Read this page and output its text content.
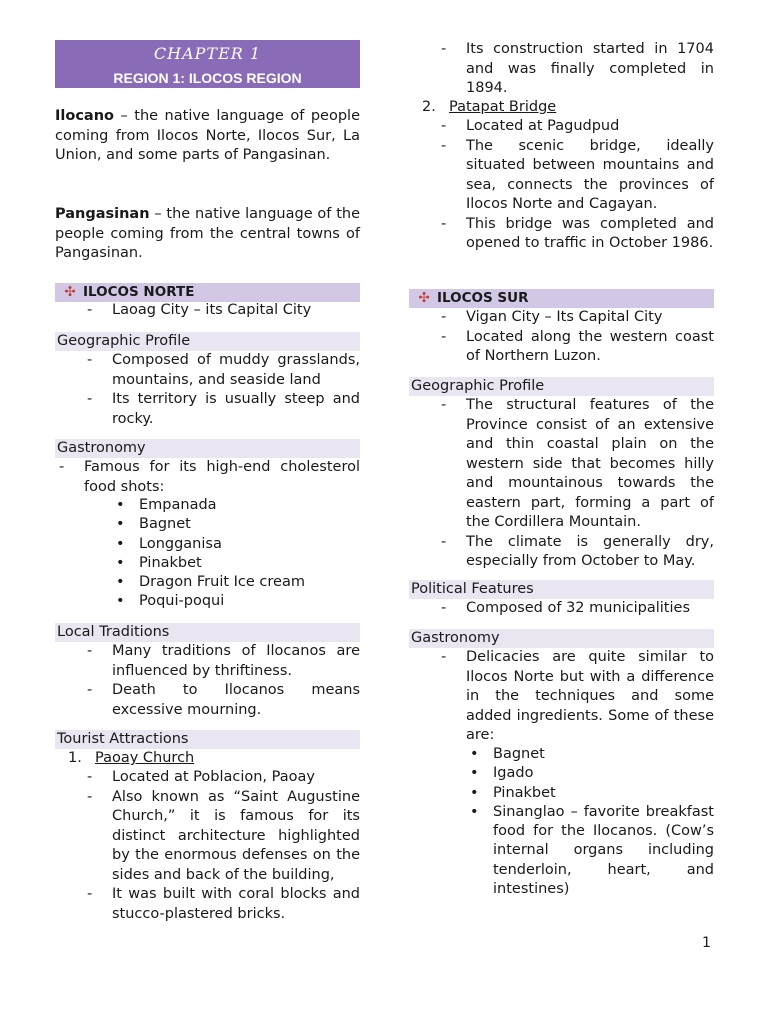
CHAPTER 1
REGION 1: ILOCOS REGION

Ilocano – the native language of people coming from Ilocos Norte, Ilocos Sur, La Union, and some parts of Pangasinan.

Pangasinan – the native language of the people coming from the central towns of Pangasinan.

✣ ILOCOS NORTE
- Laoag City – its Capital City
Geographic Profile
- Composed of muddy grasslands, mountains, and seaside land
- Its territory is usually steep and rocky.
Gastronomy
- Famous for its high-end cholesterol food shots:
• Empanada
• Bagnet
• Longganisa
• Pinakbet
• Dragon Fruit Ice cream
• Poqui-poqui
Local Traditions
- Many traditions of Ilocanos are influenced by thriftiness.
- Death to Ilocanos means excessive mourning.
Tourist Attractions
1. Paoay Church
- Located at Poblacion, Paoay
- Also known as “Saint Augustine Church,” it is famous for its distinct architecture highlighted by the enormous defenses on the sides and back of the building,
- It was built with coral blocks and stucco-plastered bricks.
- Its construction started in 1704 and was finally completed in 1894.
2. Patapat Bridge
- Located at Pagudpud
- The scenic bridge, ideally situated between mountains and sea, connects the provinces of Ilocos Norte and Cagayan.
- This bridge was completed and opened to traffic in October 1986.
✣ ILOCOS SUR
- Vigan City – Its Capital City
- Located along the western coast of Northern Luzon.
Geographic Profile
- The structural features of the Province consist of an extensive and thin coastal plain on the western side that becomes hilly and mountainous towards the eastern part, forming a part of the Cordillera Mountain.
- The climate is generally dry, especially from October to May.
Political Features
- Composed of 32 municipalities
Gastronomy
- Delicacies are quite similar to Ilocos Norte but with a difference in the techniques and some added ingredients. Some of these are:
• Bagnet
• Igado
• Pinakbet
• Sinanglao – favorite breakfast food for the Ilocanos. (Cow’s internal organs including tenderloin, heart, and intestines)
1
